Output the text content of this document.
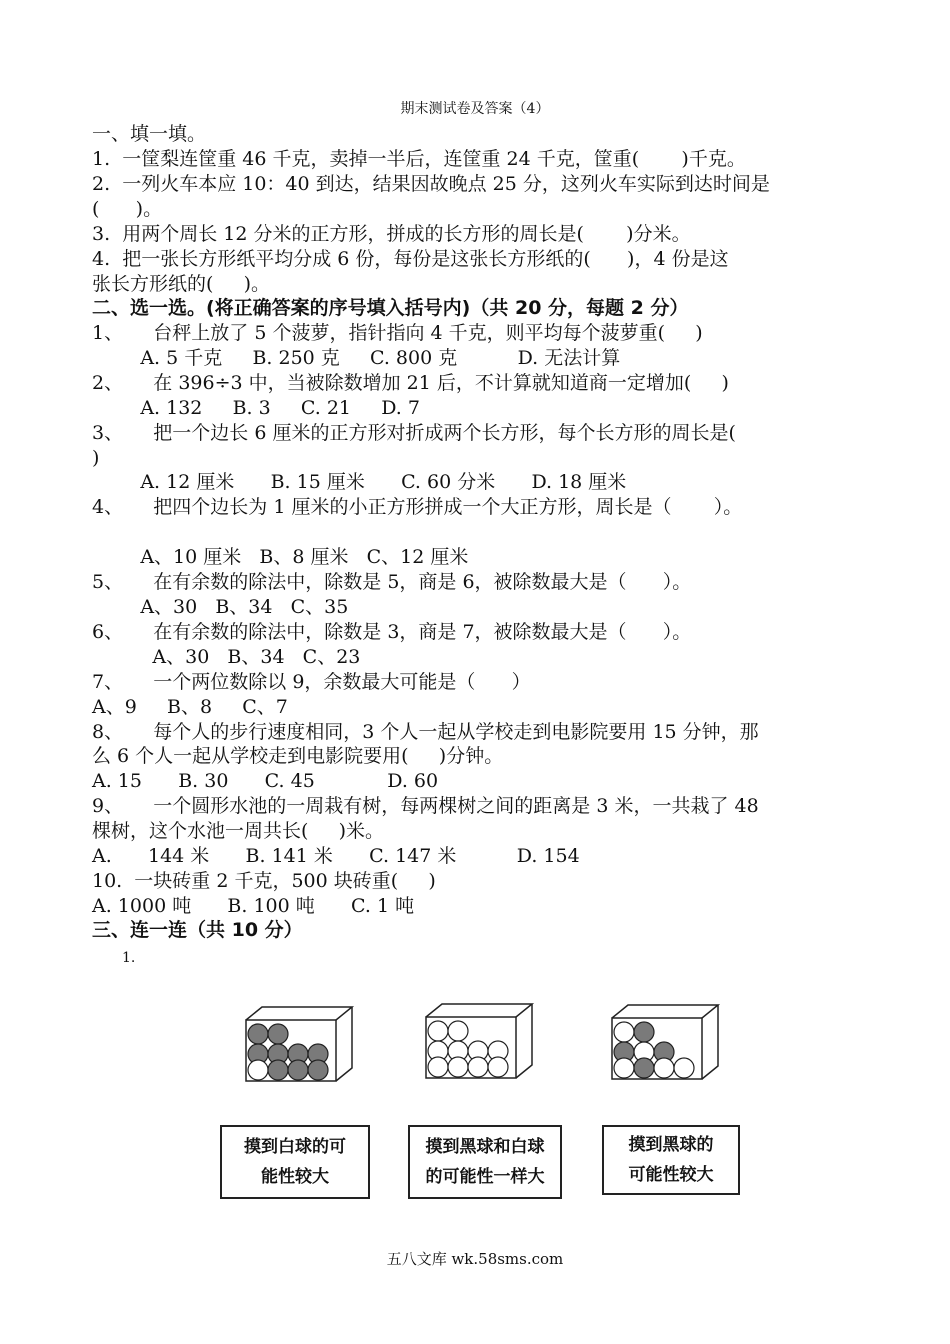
期末测试卷及答案（4）
一、填一填。
1.  一筐梨连筐重 46 千克，卖掉一半后，连筐重 24 千克，筐重(       )千克。
2.  一列火车本应 10：40 到达，结果因故晚点 25 分，这列火车实际到达时间是
(      )。
3.  用两个周长 12 分米的正方形，拼成的长方形的周长是(       )分米。
4.  把一张长方形纸平均分成 6 份，每份是这张长方形纸的(      )，4 份是这
张长方形纸的(     )。
二、选一选。(将正确答案的序号填入括号内)（共 20 分，每题 2 分）
1、     台秤上放了 5 个菠萝，指针指向 4 千克，则平均每个菠萝重(     )
A. 5 千克     B. 250 克     C. 800 克          D. 无法计算
2、     在 396÷3 中，当被除数增加 21 后，不计算就知道商一定增加(     )
A. 132     B. 3     C. 21     D. 7
3、     把一个边长 6 厘米的正方形对折成两个长方形，每个长方形的周长是(
)
A. 12 厘米      B. 15 厘米      C. 60 分米      D. 18 厘米
4、     把四个边长为 1 厘米的小正方形拼成一个大正方形，周长是（       ）。
A、10 厘米   B、8 厘米   C、12 厘米
5、     在有余数的除法中，除数是 5，商是 6，被除数最大是（      ）。
A、30   B、34   C、35
6、     在有余数的除法中，除数是 3，商是 7，被除数最大是（      ）。
A、30   B、34   C、23
7、     一个两位数除以 9，余数最大可能是（      ）
A、9     B、8     C、7
8、     每个人的步行速度相同，3 个人一起从学校走到电影院要用 15 分钟，那
么 6 个人一起从学校走到电影院要用(     )分钟。
A. 15      B. 30      C. 45            D. 60
9、     一个圆形水池的一周栽有树，每两棵树之间的距离是 3 米，一共栽了 48
棵树，这个水池一周共长(     )米。
A.      144 米      B. 141 米      C. 147 米          D. 154
10.  一块砖重 2 千克，500 块砖重(     )
A. 1000 吨      B. 100 吨      C. 1 吨
三、连一连（共 10 分）
1.
摸到白球的可
能性较大
摸到黑球和白球
的可能性一样大
摸到黑球的
可能性较大
五八文库 wk.58sms.com
